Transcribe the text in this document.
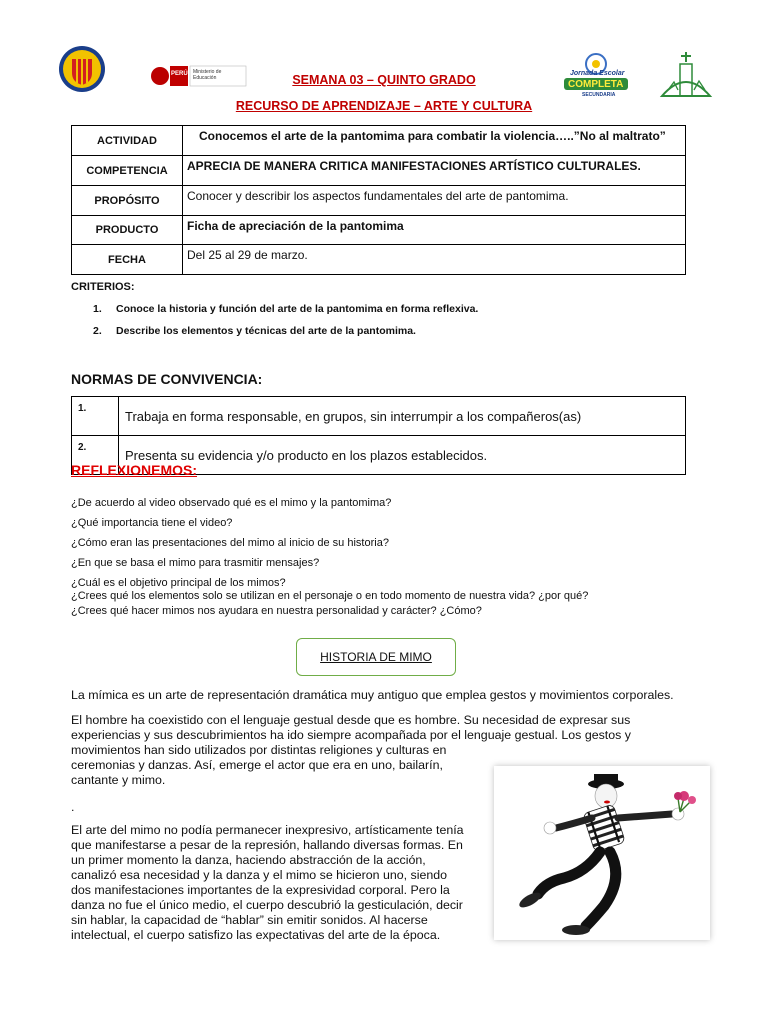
PERÚ Ministerio de Educación	SEMANA 03 – QUINTO GRADO
RECURSO DE APRENDIZAJE – ARTE Y CULTURA
Jornada Escolar
COMPLETA
SECUNDARIA
ACTIVIDAD	Conocemos el arte de la pantomima para combatir la violencia…..”No al maltrato”
COMPETENCIA	APRECIA DE MANERA CRITICA MANIFESTACIONES ARTÍSTICO CULTURALES.
PROPÓSITO	Conocer y describir los aspectos fundamentales del arte de pantomima.
PRODUCTO	Ficha de apreciación de la pantomima
FECHA	Del 25 al 29 de marzo.
CRITERIOS:
1. Conoce la historia y función del arte de la pantomima en forma reflexiva.
2. Describe los elementos y técnicas del arte de la pantomima.
NORMAS DE CONVIVENCIA:
1.	Trabaja en forma responsable, en grupos, sin interrumpir a los compañeros(as)
2.	Presenta su evidencia y/o producto en los plazos establecidos.
REFLEXIONEMOS:
¿De acuerdo al video observado qué es el mimo y la pantomima?
¿Qué importancia tiene el video?
¿Cómo eran las presentaciones del mimo al inicio de su historia?
¿En que se basa el mimo para trasmitir mensajes?
¿Cuál es el objetivo principal de los mimos?
¿Crees qué los elementos solo se utilizan en el personaje o en todo momento de nuestra vida? ¿por qué?
¿Crees qué hacer mimos nos ayudara en nuestra personalidad y carácter? ¿Cómo?
HISTORIA DE MIMO
La mímica es un arte de representación dramática muy antiguo que emplea gestos y movimientos corporales.
El hombre ha coexistido con el lenguaje gestual desde que es hombre. Su necesidad de expresar sus
experiencias y sus descubrimientos ha ido siempre acompañada por el lenguaje gestual. Los gestos y
movimientos han sido utilizados por distintas religiones y culturas en
ceremonias y danzas. Así, emerge el actor que era en uno, bailarín,
cantante y mimo.
.
El arte del mimo no podía permanecer inexpresivo, artísticamente tenía
que manifestarse a pesar de la represión, hallando diversas formas. En
un primer momento la danza, haciendo abstracción de la acción,
canalizó esa necesidad y la danza y el mimo se hicieron uno, siendo
dos manifestaciones importantes de la expresividad corporal. Pero la
danza no fue el único medio, el cuerpo descubrió la gesticulación, decir
sin hablar, la capacidad de “hablar” sin emitir sonidos. Al hacerse
intelectual, el cuerpo satisfizo las expectativas del arte de la época.
